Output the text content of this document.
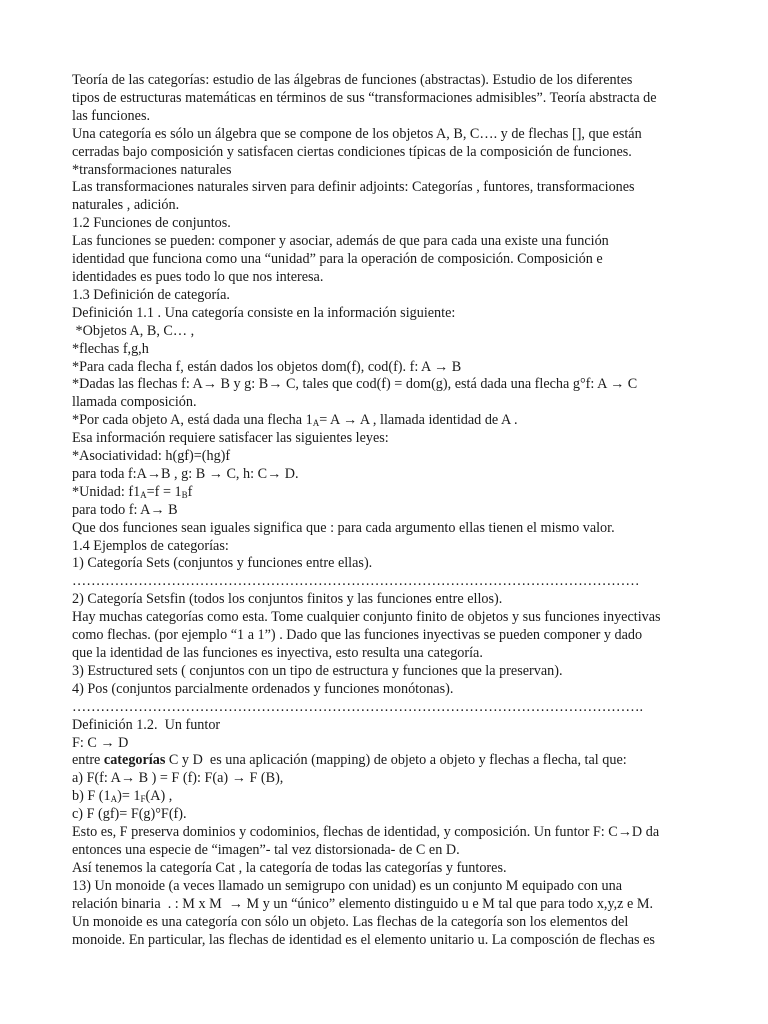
Teoría de las categorías: estudio de las álgebras de funciones (abstractas). Estudio de los diferentes
tipos de estructuras matemáticas en términos de sus “transformaciones admisibles”. Teoría abstracta de
las funciones.
Una categoría es sólo un álgebra que se compone de los objetos A, B, C…. y de flechas [], que están
cerradas bajo composición y satisfacen ciertas condiciones típicas de la composición de funciones.
*transformaciones naturales
Las transformaciones naturales sirven para definir adjoints: Categorías , funtores, transformaciones
naturales , adición.
1.2 Funciones de conjuntos.
Las funciones se pueden: componer y asociar, además de que para cada una existe una función
identidad que funciona como una “unidad” para la operación de composición. Composición e
identidades es pues todo lo que nos interesa.
1.3 Definición de categoría.
Definición 1.1 . Una categoría consiste en la información siguiente:
*Objetos A, B, C… ,
*flechas f,g,h
*Para cada flecha f, están dados los objetos dom(f), cod(f). f: A → B
*Dadas las flechas f: A→ B y g: B→ C, tales que cod(f) = dom(g), está dada una flecha g°f: A → C
llamada composición.
*Por cada objeto A, está dada una flecha $1_A= A \to A$ , llamada identidad de A .
Esa información requiere satisfacer las siguientes leyes:
*Asociatividad: h(gf)=(hg)f
para toda f:A→B , g: B → C, h: C→ D.
*Unidad: $f1_A=f = 1_Bf$
para todo f: A→ B
Que dos funciones sean iguales significa que : para cada argumento ellas tienen el mismo valor.
1.4 Ejemplos de categorías:
1) Categoría Sets (conjuntos y funciones entre ellas).
…………………………………………………………………………………………………………
2) Categoría Setsfin (todos los conjuntos finitos y las funciones entre ellos).
Hay muchas categorías como esta. Tome cualquier conjunto finito de objetos y sus funciones inyectivas
como flechas. (por ejemplo “1 a 1”) . Dado que las funciones inyectivas se pueden componer y dado
que la identidad de las funciones es inyectiva, esto resulta una categoría.
3) Estructured sets ( conjuntos con un tipo de estructura y funciones que la preservan).
4) Pos (conjuntos parcialmente ordenados y funciones monótonas).
………………………………………………………………………………………………………….
Definición 1.2.  Un funtor
F: C → D
entre categorías C y D  es una aplicación (mapping) de objeto a objeto y flechas a flecha, tal que:
a) F(f: A→ B ) = F (f): F(a) → F (B),
b) F $(1_A)= 1_F(A)$ ,
c) F (gf)= F(g)°F(f).
Esto es, F preserva dominios y codominios, flechas de identidad, y composición. Un funtor F: C→D da
entonces una especie de “imagen”- tal vez distorsionada- de C en D.
Así tenemos la categoría Cat , la categoría de todas las categorías y funtores.
13) Un monoide (a veces llamado un semigrupo con unidad) es un conjunto M equipado con una
relación binaria  . : M x M  → M y un “único” elemento distinguido u e M tal que para todo x,y,z e M.
Un monoide es una categoría con sólo un objeto. Las flechas de la categoría son los elementos del
monoide. En particular, las flechas de identidad es el elemento unitario u. La composción de flechas es
